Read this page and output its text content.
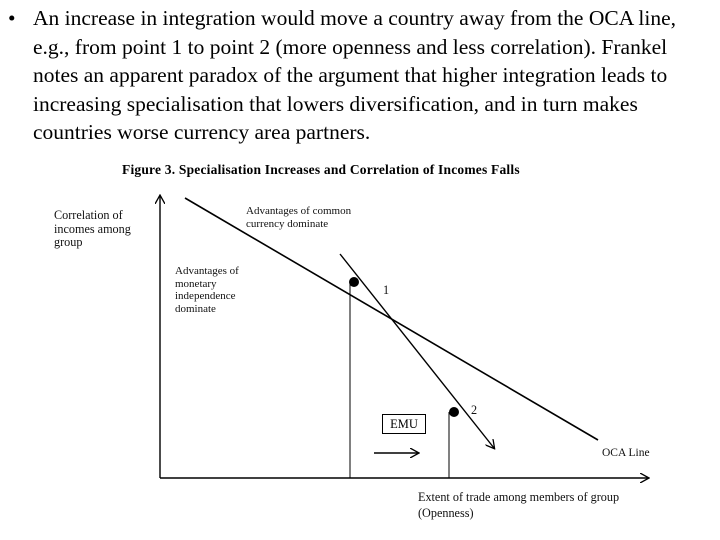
• An increase in integration would move a country away from the OCA line, e.g., from point 1 to point 2 (more openness and less correlation). Frankel notes an apparent paradox of the argument that higher integration leads to increasing specialisation that lowers diversification, and in turn makes countries worse currency area partners.
Figure 3. Specialisation Increases and Correlation of Incomes Falls
Correlation of incomes among group
Advantages of common currency dominate
Advantages of monetary independence dominate
1
2
EMU
OCA Line
Extent of trade among members of group (Openness)
